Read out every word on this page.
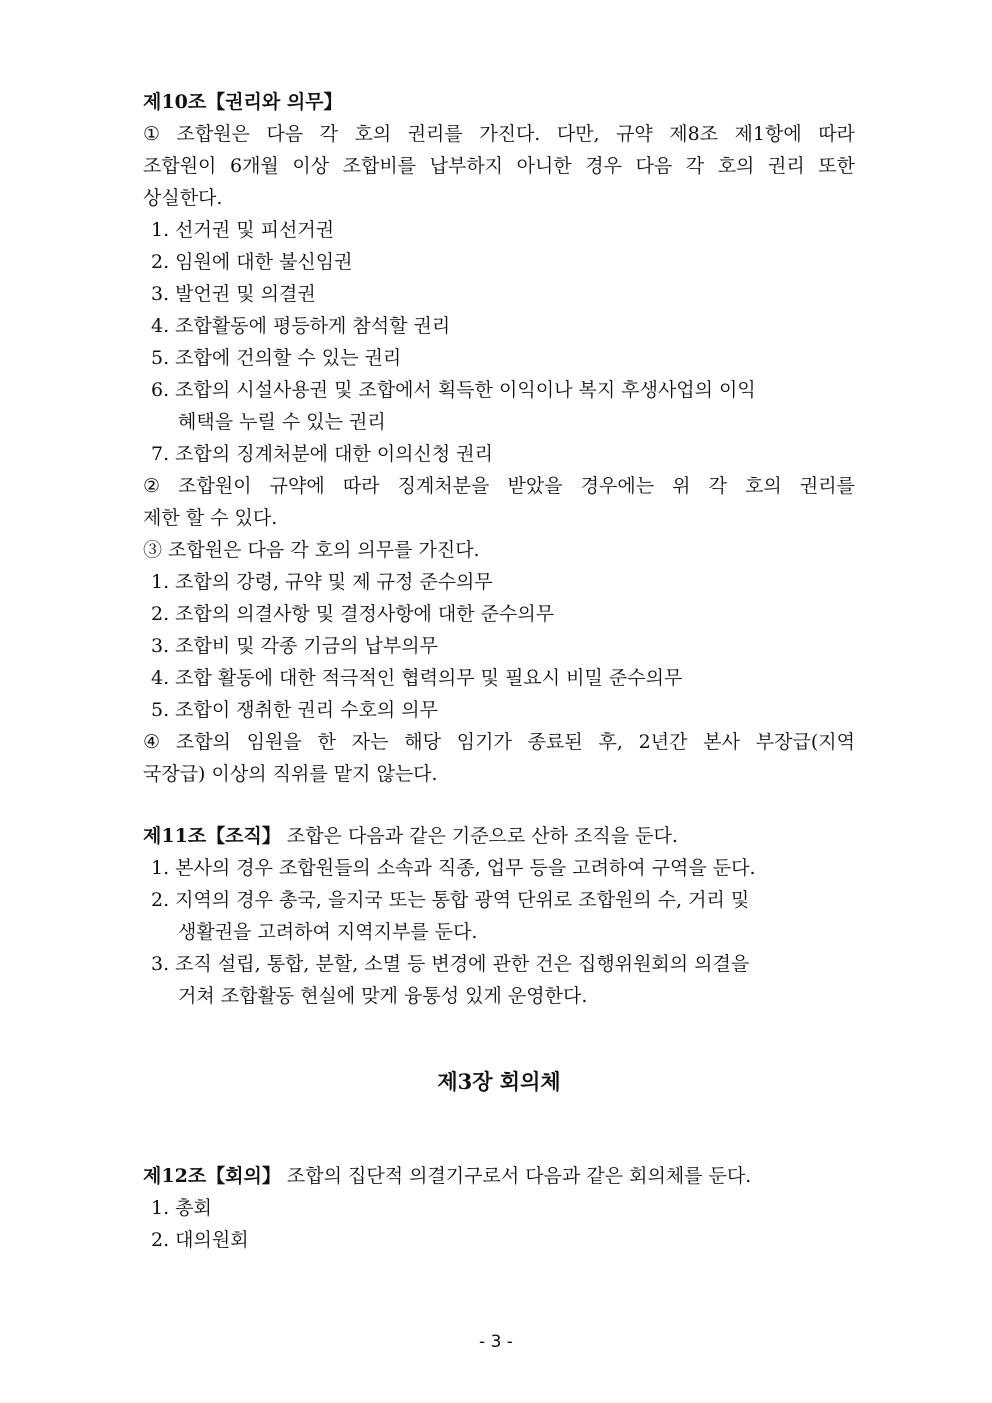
제10조【권리와 의무】
① 조합원은 다음 각 호의 권리를 가진다. 다만, 규약 제8조 제1항에 따라
조합원이 6개월 이상 조합비를 납부하지 아니한 경우 다음 각 호의 권리 또한
상실한다.
1. 선거권 및 피선거권
2. 임원에 대한 불신임권
3. 발언권 및 의결권
4. 조합활동에 평등하게 참석할 권리
5. 조합에 건의할 수 있는 권리
6. 조합의 시설사용권 및 조합에서 획득한 이익이나 복지 후생사업의 이익
혜택을 누릴 수 있는 권리
7. 조합의 징계처분에 대한 이의신청 권리
② 조합원이 규약에 따라 징계처분을 받았을 경우에는 위 각 호의 권리를
제한 할 수 있다.
③ 조합원은 다음 각 호의 의무를 가진다.
1. 조합의 강령, 규약 및 제 규정 준수의무
2. 조합의 의결사항 및 결정사항에 대한 준수의무
3. 조합비 및 각종 기금의 납부의무
4. 조합 활동에 대한 적극적인 협력의무 및 필요시 비밀 준수의무
5. 조합이 쟁취한 권리 수호의 의무
④ 조합의 임원을 한 자는 해당 임기가 종료된 후, 2년간 본사 부장급(지역
국장급) 이상의 직위를 맡지 않는다.
제11조【조직】 조합은 다음과 같은 기준으로 산하 조직을 둔다.
1. 본사의 경우 조합원들의 소속과 직종, 업무 등을 고려하여 구역을 둔다.
2. 지역의 경우 총국, 을지국 또는 통합 광역 단위로 조합원의 수, 거리 및
생활권을 고려하여 지역지부를 둔다.
3. 조직 설립, 통합, 분할, 소멸 등 변경에 관한 건은 집행위원회의 의결을
거쳐 조합활동 현실에 맞게 융통성 있게 운영한다.
제3장 회의체
제12조【회의】 조합의 집단적 의결기구로서 다음과 같은 회의체를 둔다.
1. 총회
2. 대의원회
- 3 -
